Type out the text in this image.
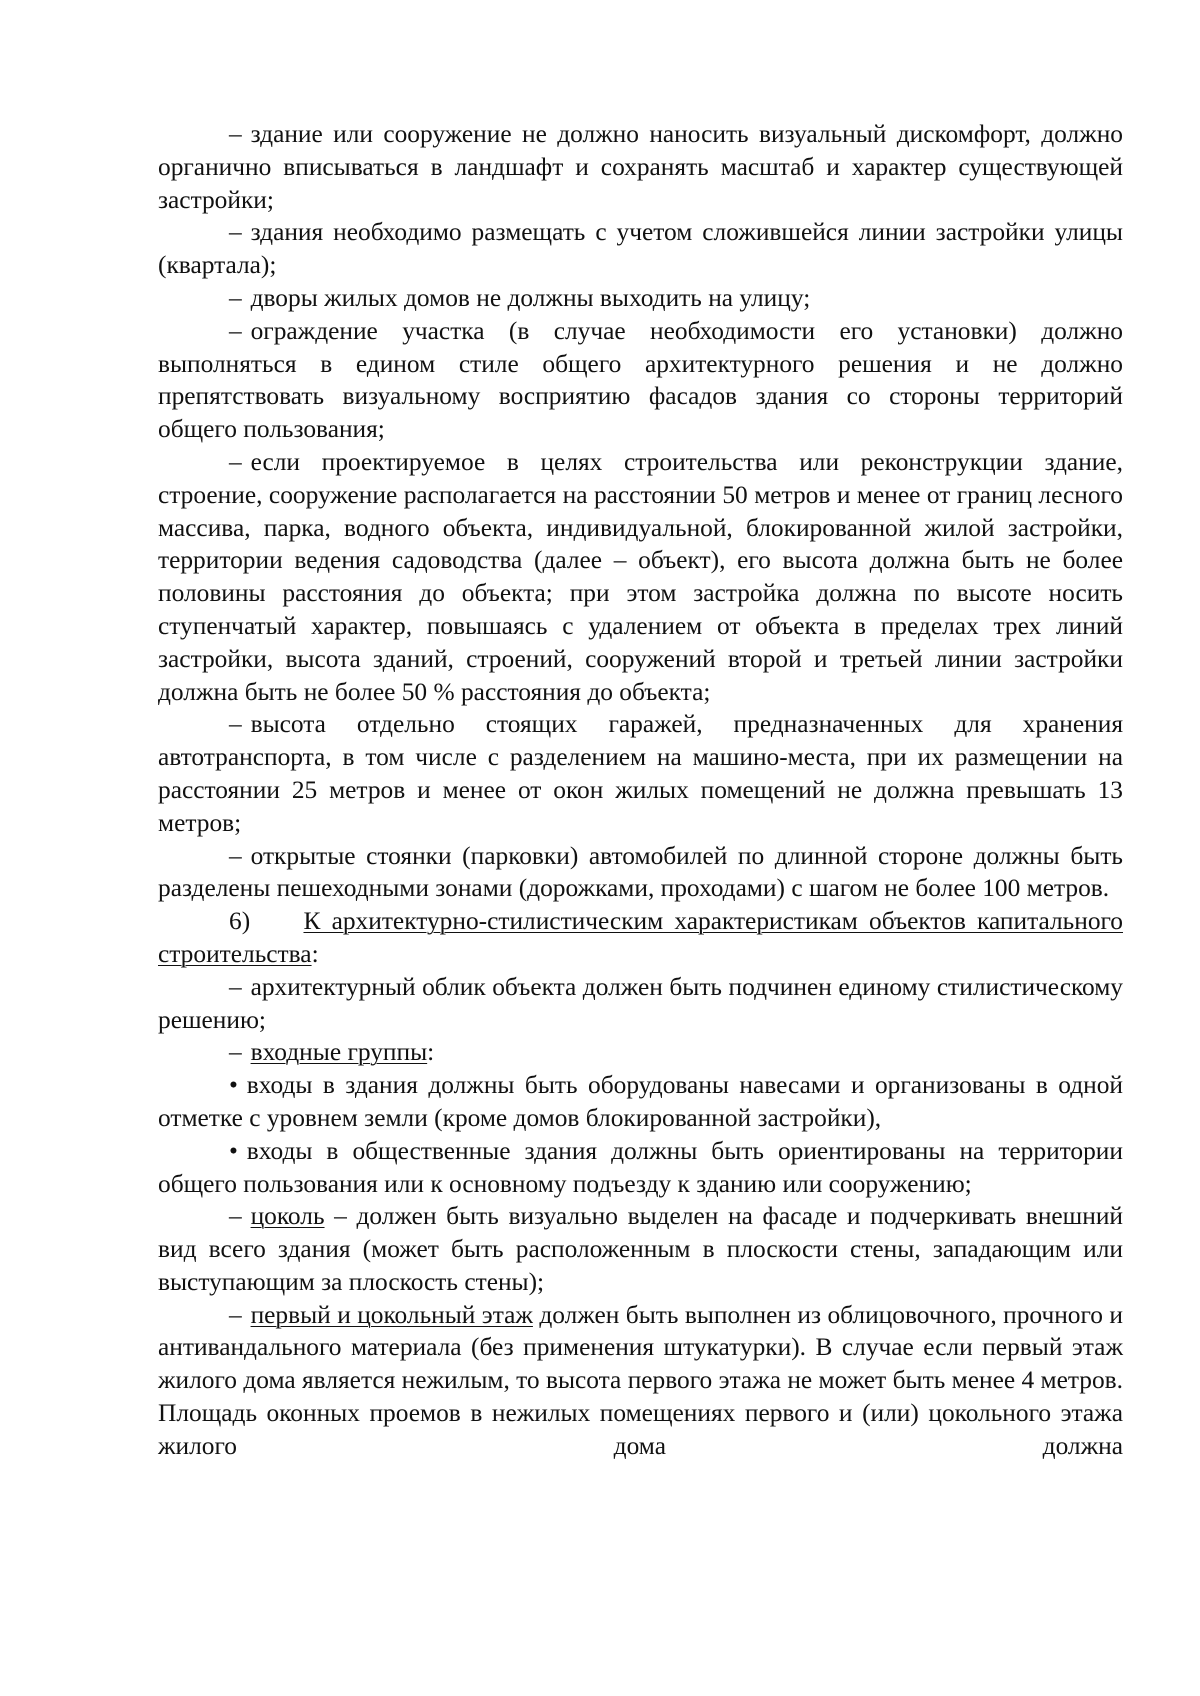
– здание или сооружение не должно наносить визуальный дискомфорт, должно органично вписываться в ландшафт и сохранять масштаб и характер существующей застройки;

– здания необходимо размещать с учетом сложившейся линии застройки улицы (квартала);

– дворы жилых домов не должны выходить на улицу;

– ограждение участка (в случае необходимости его установки) должно выполняться в едином стиле общего архитектурного решения и не должно препятствовать визуальному восприятию фасадов здания со стороны территорий общего пользования;

– если проектируемое в целях строительства или реконструкции здание, строение, сооружение располагается на расстоянии 50 метров и менее от границ лесного массива, парка, водного объекта, индивидуальной, блокированной жилой застройки, территории ведения садоводства (далее – объект), его высота должна быть не более половины расстояния до объекта; при этом застройка должна по высоте носить ступенчатый характер, повышаясь с удалением от объекта в пределах трех линий застройки, высота зданий, строений, сооружений второй и третьей линии застройки должна быть не более 50 % расстояния до объекта;

– высота отдельно стоящих гаражей, предназначенных для хранения автотранспорта, в том числе с разделением на машино-места, при их размещении на расстоянии 25 метров и менее от окон жилых помещений не должна превышать 13 метров;

– открытые стоянки (парковки) автомобилей по длинной стороне должны быть разделены пешеходными зонами (дорожками, проходами) с шагом не более 100 метров.

6) К архитектурно-стилистическим характеристикам объектов капитального строительства:

– архитектурный облик объекта должен быть подчинен единому стилистическому решению;

– входные группы:

• входы в здания должны быть оборудованы навесами и организованы в одной отметке с уровнем земли (кроме домов блокированной застройки),

• входы в общественные здания должны быть ориентированы на территории общего пользования или к основному подъезду к зданию или сооружению;

– цоколь – должен быть визуально выделен на фасаде и подчеркивать внешний вид всего здания (может быть расположенным в плоскости стены, западающим или выступающим за плоскость стены);

– первый и цокольный этаж должен быть выполнен из облицовочного, прочного и антивандального материала (без применения штукатурки). В случае если первый этаж жилого дома является нежилым, то высота первого этажа не может быть менее 4 метров. Площадь оконных проемов в нежилых помещениях первого и (или) цокольного этажа жилого дома должна
